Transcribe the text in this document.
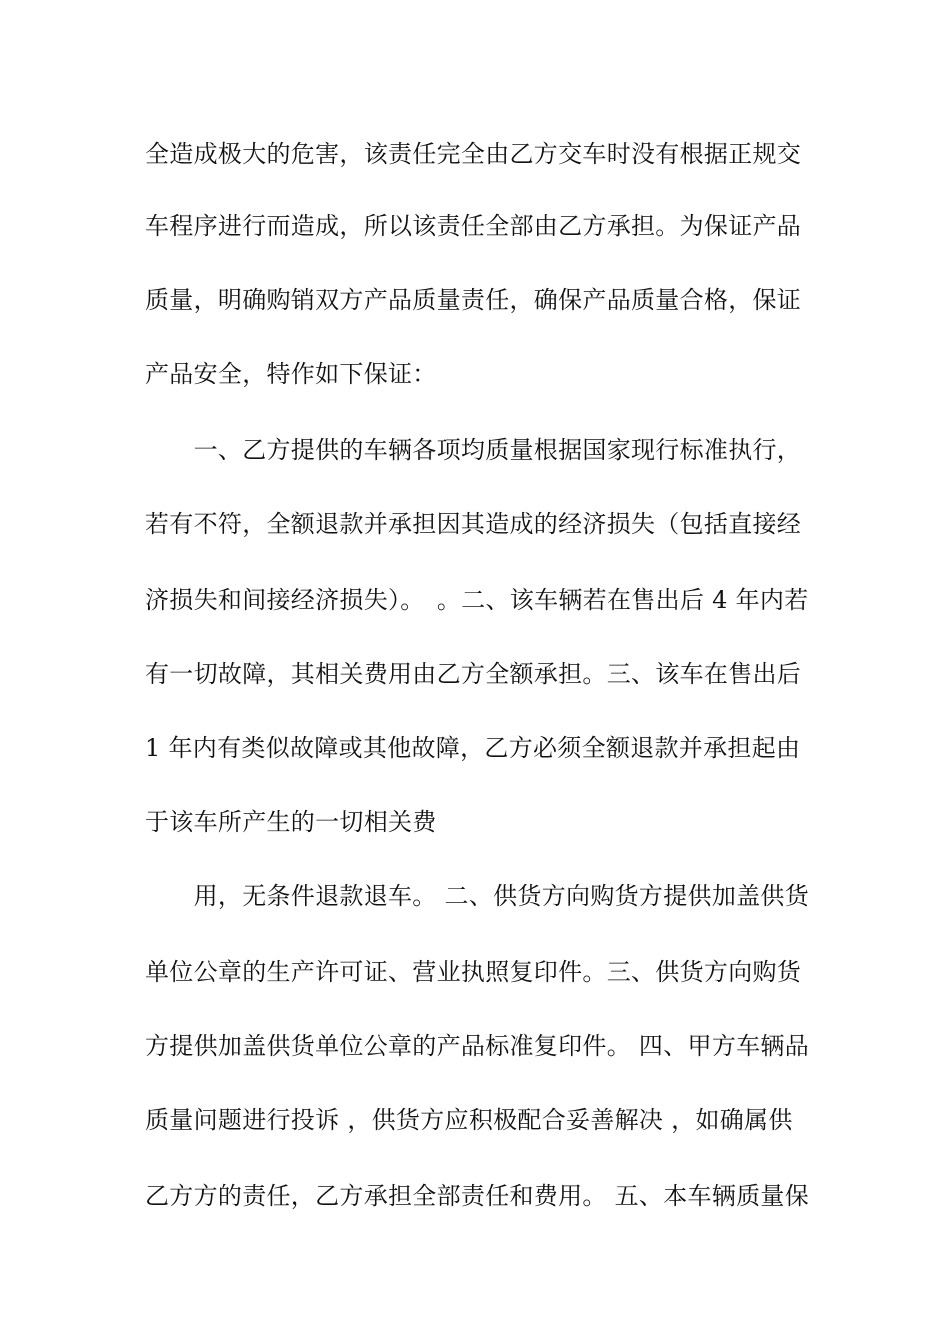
全造成极大的危害，该责任完全由乙方交车时没有根据正规交
车程序进行而造成，所以该责任全部由乙方承担。为保证产品
质量，明确购销双方产品质量责任，确保产品质量合格，保证
产品安全，特作如下保证：
　　一、乙方提供的车辆各项均质量根据国家现行标准执行，
若有不符，全额退款并承担因其造成的经济损失（包括直接经
济损失和间接经济损失）。　。二、该车辆若在售出后 4 年内若
有一切故障，其相关费用由乙方全额承担。三、该车在售出后
1 年内有类似故障或其他故障，乙方必须全额退款并承担起由
于该车所产生的一切相关费
　　用，无条件退款退车。 二、供货方向购货方提供加盖供货
单位公章的生产许可证、营业执照复印件。三、供货方向购货
方提供加盖供货单位公章的产品标准复印件。 四、甲方车辆品
质量问题进行投诉 ，供货方应积极配合妥善解决 ，如确属供
乙方方的责任，乙方承担全部责任和费用。 五、本车辆质量保
